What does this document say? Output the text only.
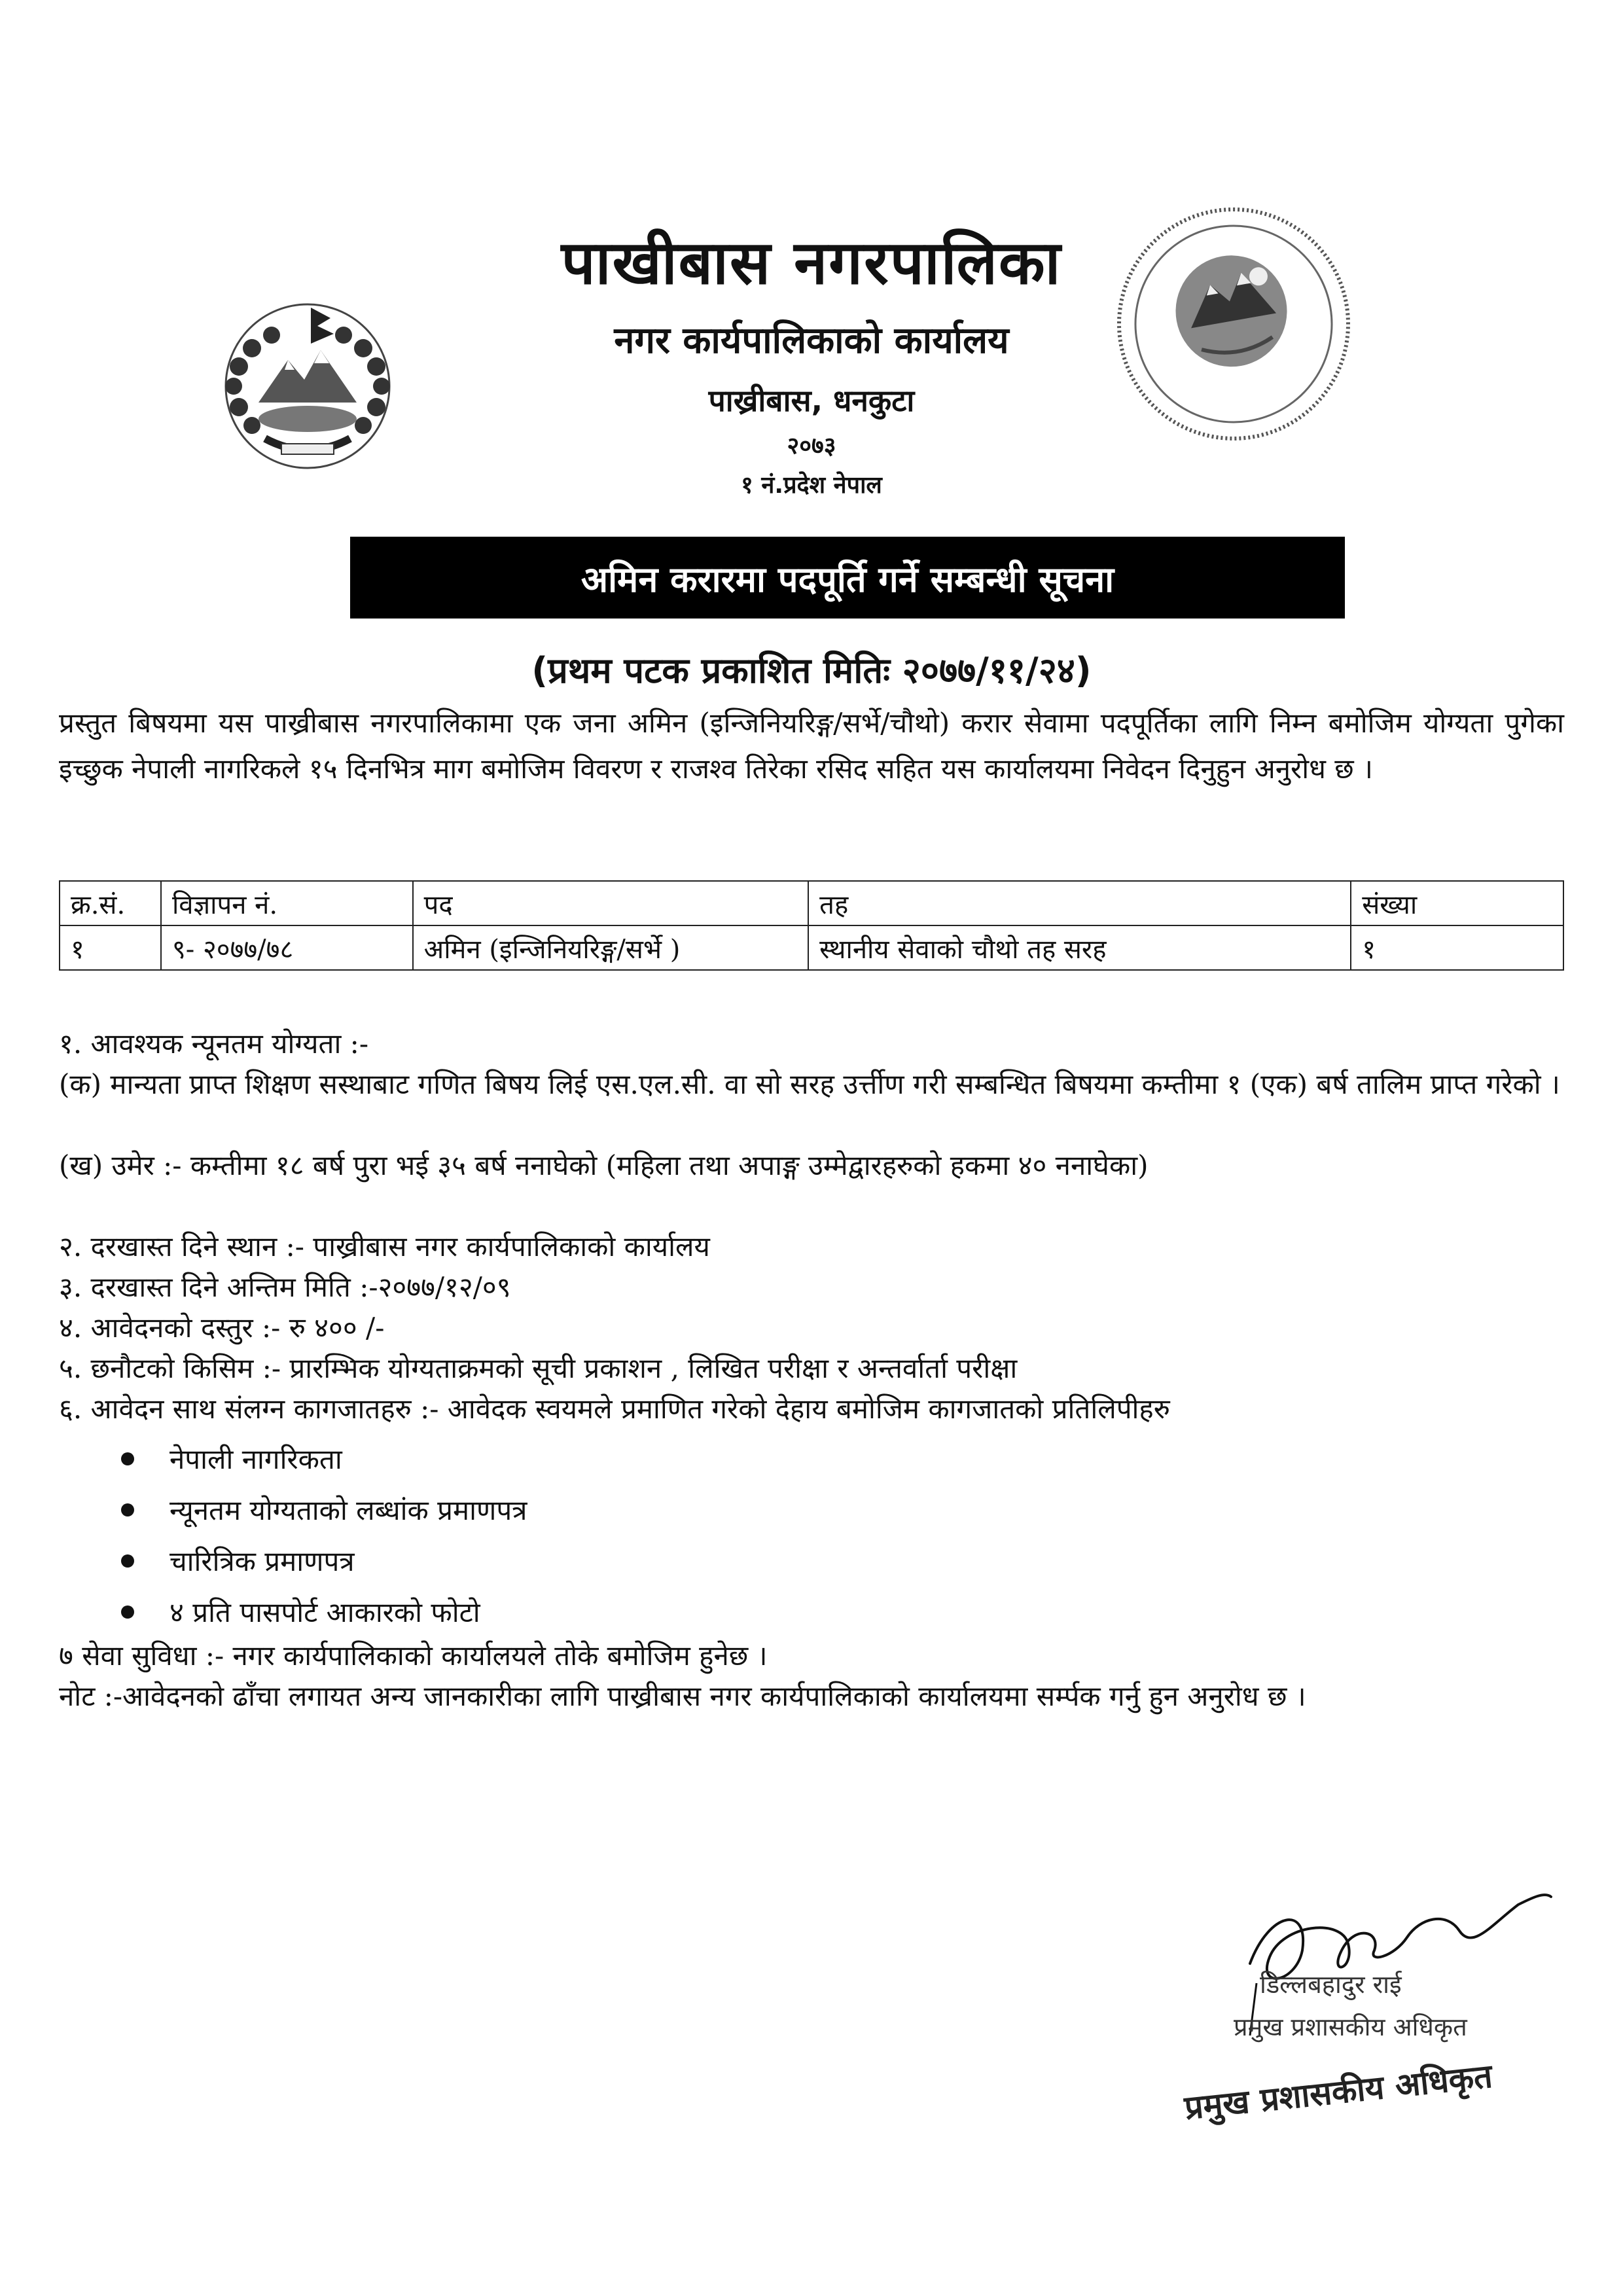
पाखीबास नगरपालिका
नगर कार्यपालिकाको कार्यालय
पाख्रीबास, धनकुटा
२०७३
१ नं.प्रदेश नेपाल
अमिन करारमा पदपूर्ति गर्ने सम्बन्धी सूचना
(प्रथम पटक प्रकाशित मितिः २०७७/११/२४)
प्रस्तुत बिषयमा यस पाख्रीबास नगरपालिकामा एक जना अमिन (इन्जिनियरिङ्ग/सर्भे/चौथो) करार सेवामा पदपूर्तिका लागि निम्न बमोजिम योग्यता पुगेका इच्छुक नेपाली नागरिकले १५ दिनभित्र माग बमोजिम विवरण र राजश्व तिरेका रसिद सहित यस कार्यालयमा निवेदन दिनुहुन अनुरोध छ ।
क्र.सं.	विज्ञापन नं.	पद	तह	संख्या
१	९- २०७७/७८	अमिन (इन्जिनियरिङ्ग/सर्भे )	स्थानीय सेवाको चौथो तह सरह	१
१. आवश्यक न्यूनतम योग्यता :-
(क) मान्यता प्राप्त शिक्षण सस्थाबाट गणित बिषय लिई एस.एल.सी. वा सो सरह उर्त्तीण गरी सम्बन्धित बिषयमा कम्तीमा १ (एक) बर्ष तालिम प्राप्त गरेको ।
(ख) उमेर :- कम्तीमा १८ बर्ष पुरा भई ३५ बर्ष ननाघेको (महिला तथा अपाङ्ग उम्मेद्वारहरुको हकमा ४० ननाघेका)
२. दरखास्त दिने स्थान :- पाख्रीबास नगर कार्यपालिकाको कार्यालय
३. दरखास्त दिने अन्तिम मिति :-२०७७/१२/०९
४. आवेदनको दस्तुर :- रु ४०० /-
५. छनौटको किसिम :- प्रारम्भिक योग्यताक्रमको सूची प्रकाशन , लिखित परीक्षा र अन्तर्वार्ता परीक्षा
६. आवेदन साथ संलग्न कागजातहरु :- आवेदक स्वयमले प्रमाणित गरेको देहाय बमोजिम कागजातको प्रतिलिपीहरु
नेपाली नागरिकता
न्यूनतम योग्यताको लब्धांक प्रमाणपत्र
चारित्रिक प्रमाणपत्र
४ प्रति पासपोर्ट आकारको फोटो
७ सेवा सुविधा :- नगर कार्यपालिकाको कार्यालयले तोके बमोजिम हुनेछ ।
नोट :-आवेदनको ढाँचा लगायत अन्य जानकारीका लागि पाख्रीबास नगर कार्यपालिकाको कार्यालयमा सर्म्पक गर्नु हुन अनुरोध छ ।
डिल्लबहादुर राई
प्रमुख प्रशासकीय अधिकृत
प्रमुख प्रशासकीय अधिकृत
